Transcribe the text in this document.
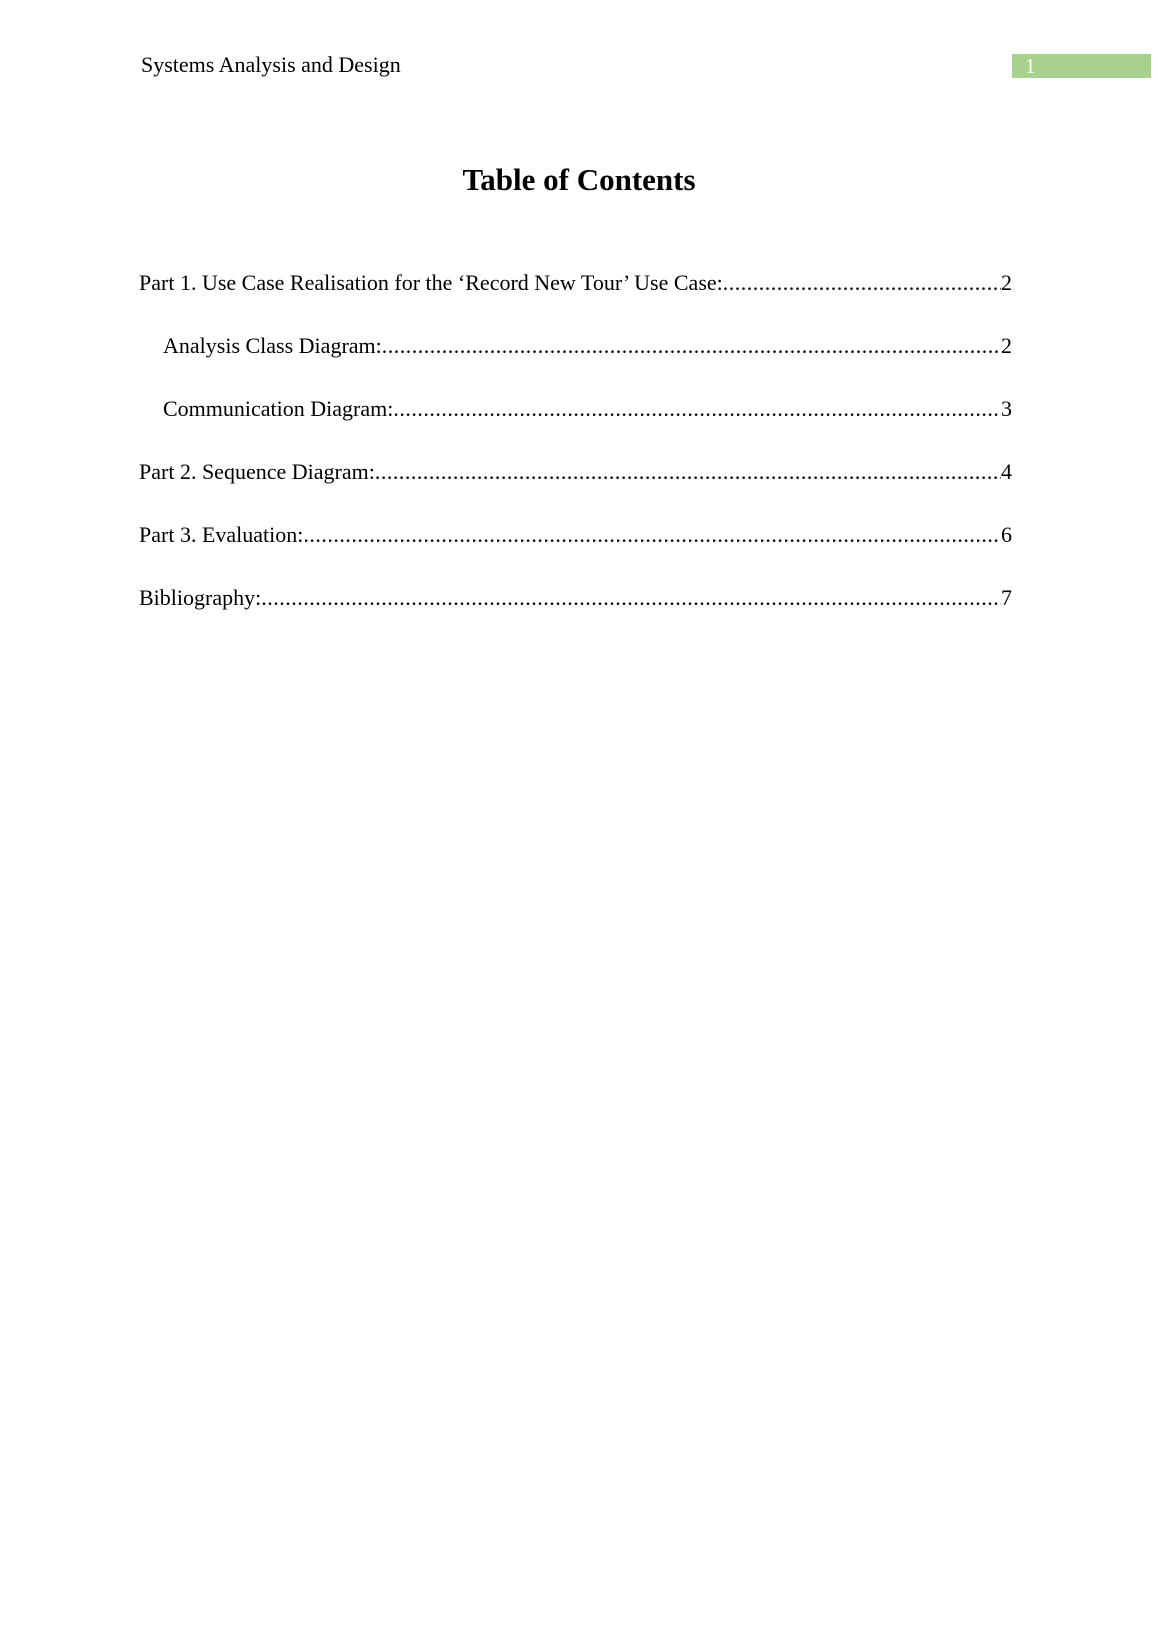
Systems Analysis and Design	1
Table of Contents
Part 1. Use Case Realisation for the ‘Record New Tour’ Use Case: .....	2
Analysis Class Diagram: .....	2
Communication Diagram: .....	3
Part 2. Sequence Diagram: .....	4
Part 3. Evaluation: .....	6
Bibliography: .....	7
